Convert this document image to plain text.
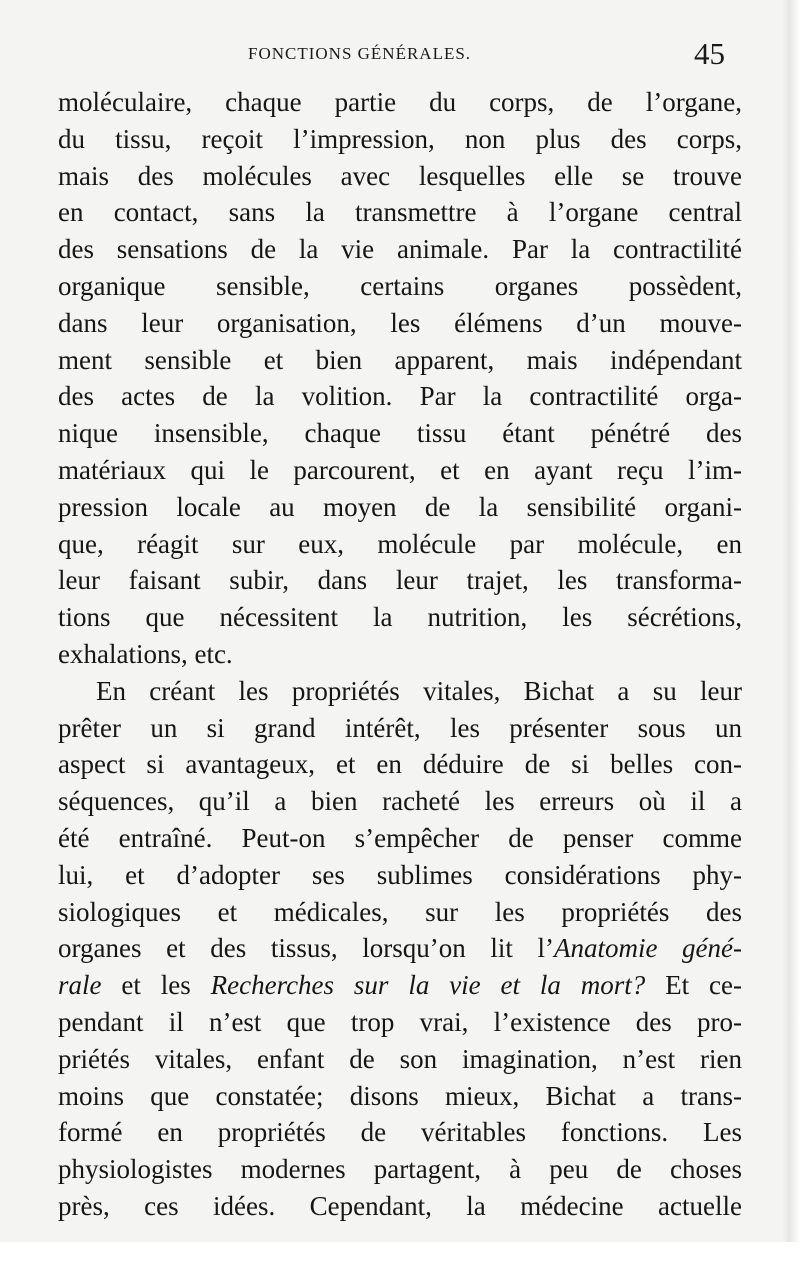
FONCTIONS GÉNÉRALES.	45
moléculaire, chaque partie du corps, de l’organe,
du tissu, reçoit l’impression, non plus des corps,
mais des molécules avec lesquelles elle se trouve
en contact, sans la transmettre à l’organe central
des sensations de la vie animale. Par la contractilité
organique sensible, certains organes possèdent,
dans leur organisation, les élémens d’un mouve-
ment sensible et bien apparent, mais indépendant
des actes de la volition. Par la contractilité orga-
nique insensible, chaque tissu étant pénétré des
matériaux qui le parcourent, et en ayant reçu l’im-
pression locale au moyen de la sensibilité organi-
que, réagit sur eux, molécule par molécule, en
leur faisant subir, dans leur trajet, les transforma-
tions que nécessitent la nutrition, les sécrétions,
exhalations, etc.
En créant les propriétés vitales, Bichat a su leur
prêter un si grand intérêt, les présenter sous un
aspect si avantageux, et en déduire de si belles con-
séquences, qu’il a bien racheté les erreurs où il a
été entraîné. Peut-on s’empêcher de penser comme
lui, et d’adopter ses sublimes considérations phy-
siologiques et médicales, sur les propriétés des
organes et des tissus, lorsqu’on lit l’Anatomie géné-
rale et les Recherches sur la vie et la mort? Et ce-
pendant il n’est que trop vrai, l’existence des pro-
priétés vitales, enfant de son imagination, n’est rien
moins que constatée; disons mieux, Bichat a trans-
formé en propriétés de véritables fonctions. Les
physiologistes modernes partagent, à peu de choses
près, ces idées. Cependant, la médecine actuelle
